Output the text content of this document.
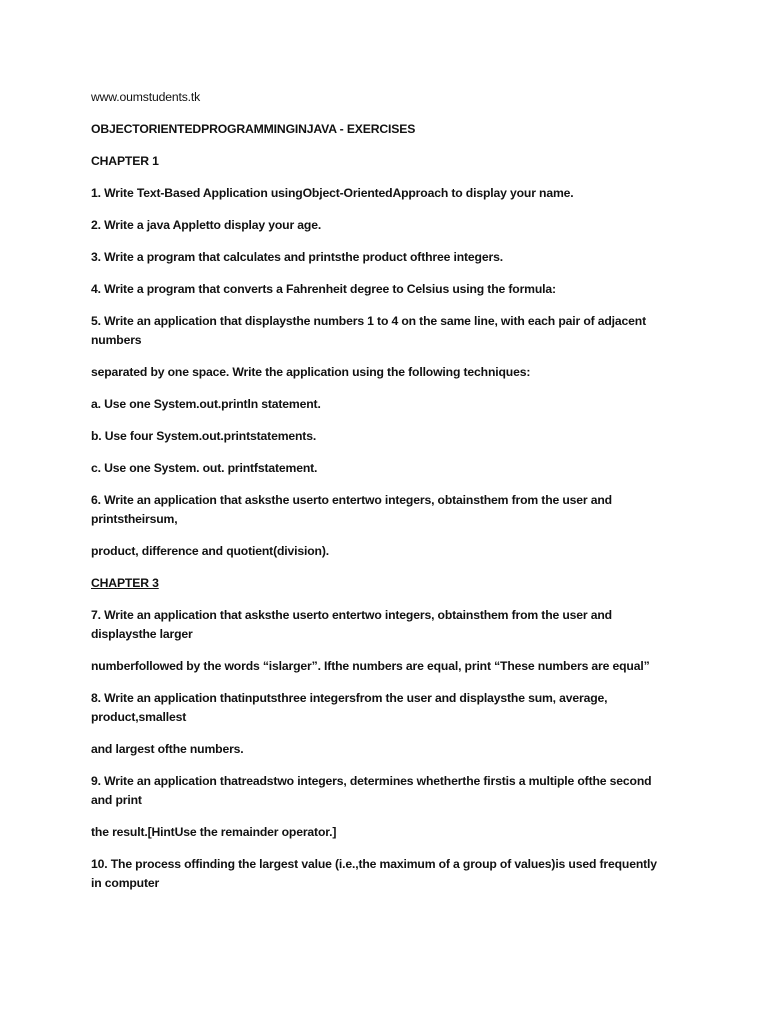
www.oumstudents.tk
OBJECTORIENTEDPROGRAMMINGINJAVA - EXERCISES
CHAPTER 1
1. Write Text-Based Application usingObject-OrientedApproach to display your name.
2. Write a java Appletto display your age.
3. Write a program that calculates and printsthe product ofthree integers.
4. Write a program that converts a Fahrenheit degree to Celsius using the formula:
5. Write an application that displaysthe numbers 1 to 4 on the same line, with each pair of adjacent
numbers
separated by one space. Write the application using the following techniques:
a. Use one System.out.println statement.
b. Use four System.out.printstatements.
c. Use one System. out. printfstatement.
6. Write an application that asksthe userto entertwo integers, obtainsthem from the user and
printstheirsum,
product, difference and quotient(division).
CHAPTER 3
7. Write an application that asksthe userto entertwo integers, obtainsthem from the user and
displaysthe larger
numberfollowed by the words “islarger”. Ifthe numbers are equal, print “These numbers are equal”
8. Write an application thatinputsthree integersfrom the user and displaysthe sum, average,
product,smallest
and largest ofthe numbers.
9. Write an application thatreadstwo integers, determines whetherthe firstis a multiple ofthe second
and print
the result.[HintUse the remainder operator.]
10. The process offinding the largest value (i.e.,the maximum of a group of values)is used frequently
in computer
